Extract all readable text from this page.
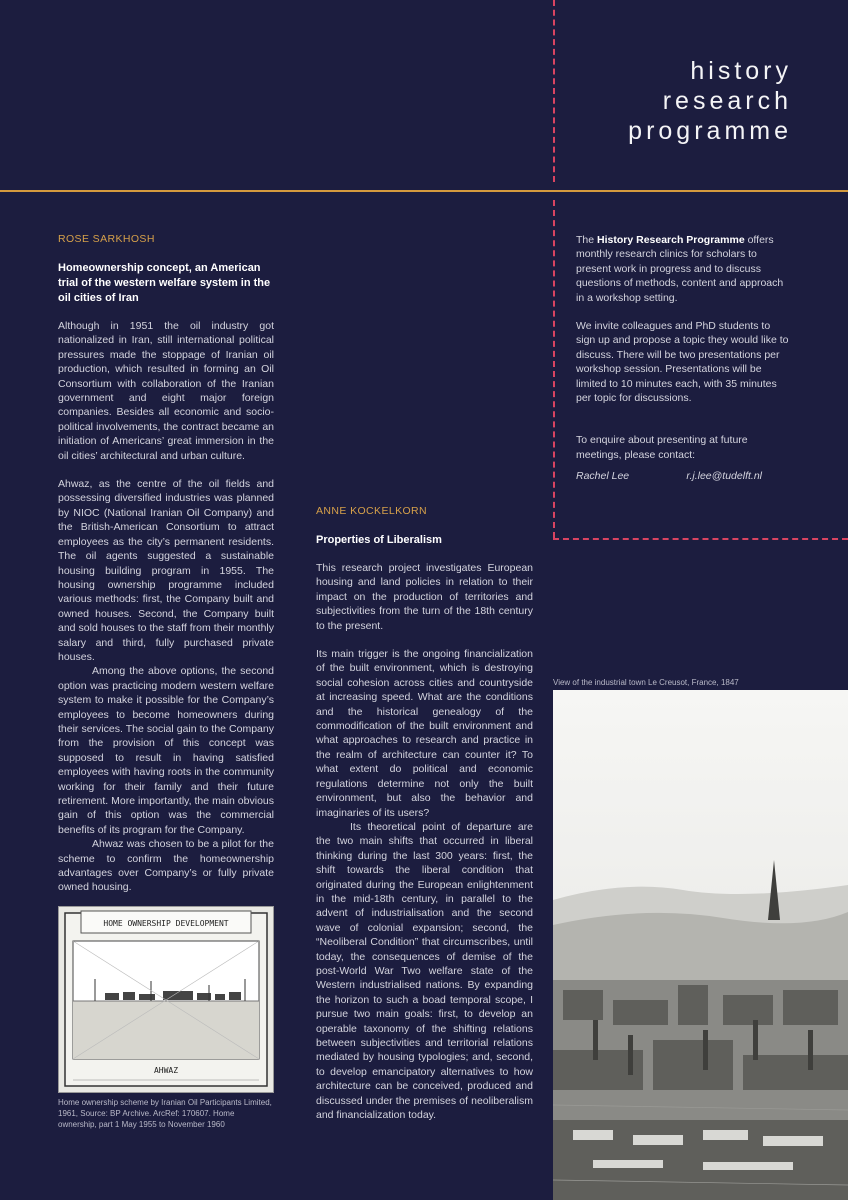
history
research
programme
ROSE SARKHOSH
Homeownership concept, an American trial of the western welfare system in the oil cities of Iran

Although in 1951 the oil industry got nationalized in Iran, still international political pressures made the stoppage of Iranian oil production, which resulted in forming an Oil Consortium with collaboration of the Iranian government and eight major foreign companies. Besides all economic and socio-political involvements, the contract became an initiation of Americans’ great immersion in the oil cities’ architectural and urban culture.

Ahwaz, as the centre of the oil fields and possessing diversified industries was planned by NIOC (National Iranian Oil Company) and the British-American Consortium to attract employees as the city’s permanent residents. The oil agents suggested a sustainable housing building program in 1955. The housing ownership programme included various methods: first, the Company built and owned houses. Second, the Company built and sold houses to the staff from their monthly salary and third, fully purchased private houses.

Among the above options, the second option was practicing modern western welfare system to make it possible for the Company’s employees to become homeowners during their services. The social gain to the Company from the provision of this concept was supposed to result in having satisfied employees with having roots in the community working for their family and their future retirement. More importantly, the main obvious gain of this option was the commercial benefits of its program for the Company.

Ahwaz was chosen to be a pilot for the scheme to confirm the homeownership advantages over Company’s or fully private owned housing.

HOME OWNERSHIP DEVELOPMENT
AHWAZ
Home ownership scheme by Iranian Oil Participants Limited, 1961, Source: BP Archive. ArcRef: 170607. Home ownership, part 1 May 1955 to November 1960
ANNE KOCKELKORN
Properties of Liberalism

This research project investigates European housing and land policies in relation to their impact on the production of territories and subjectivities from the turn of the 18th century to the present.

Its main trigger is the ongoing financialization of the built environment, which is destroying social cohesion across cities and countryside at increasing speed. What are the conditions and the historical genealogy of the commodification of the built environment and what approaches to research and practice in the realm of architecture can counter it? To what extent do political and economic regulations determine not only the built environment, but also the behavior and imaginaries of its users?

Its theoretical point of departure are the two main shifts that occurred in liberal thinking during the last 300 years: first, the shift towards the liberal condition that originated during the European enlightenment in the mid-18th century, in parallel to the advent of industrialisation and the second wave of colonial expansion; second, the “Neoliberal Condition” that circumscribes, until today, the consequences of demise of the post-World War Two welfare state of the Western industrialised nations. By expanding the horizon to such a boad temporal scope, I pursue two main goals: first, to develop an operable taxonomy of the shifting relations between subjectivities and territorial relations mediated by housing typologies; and, second, to develop emancipatory alternatives to how architecture can be conceived, produced and discussed under the premises of neoliberalism and financialization today.

The History Research Programme offers monthly research clinics for scholars to present work in progress and to discuss questions of methods, content and approach in a workshop setting.

We invite colleagues and PhD students to sign up and propose a topic they would like to discuss. There will be two presentations per workshop session. Presentations will be limited to 10 minutes each, with 35 minutes per topic for discussions.

To enquire about presenting at future meetings, please contact:

Rachel Lee	r.j.lee@tudelft.nl
View of the industrial town Le Creusot, France, 1847
